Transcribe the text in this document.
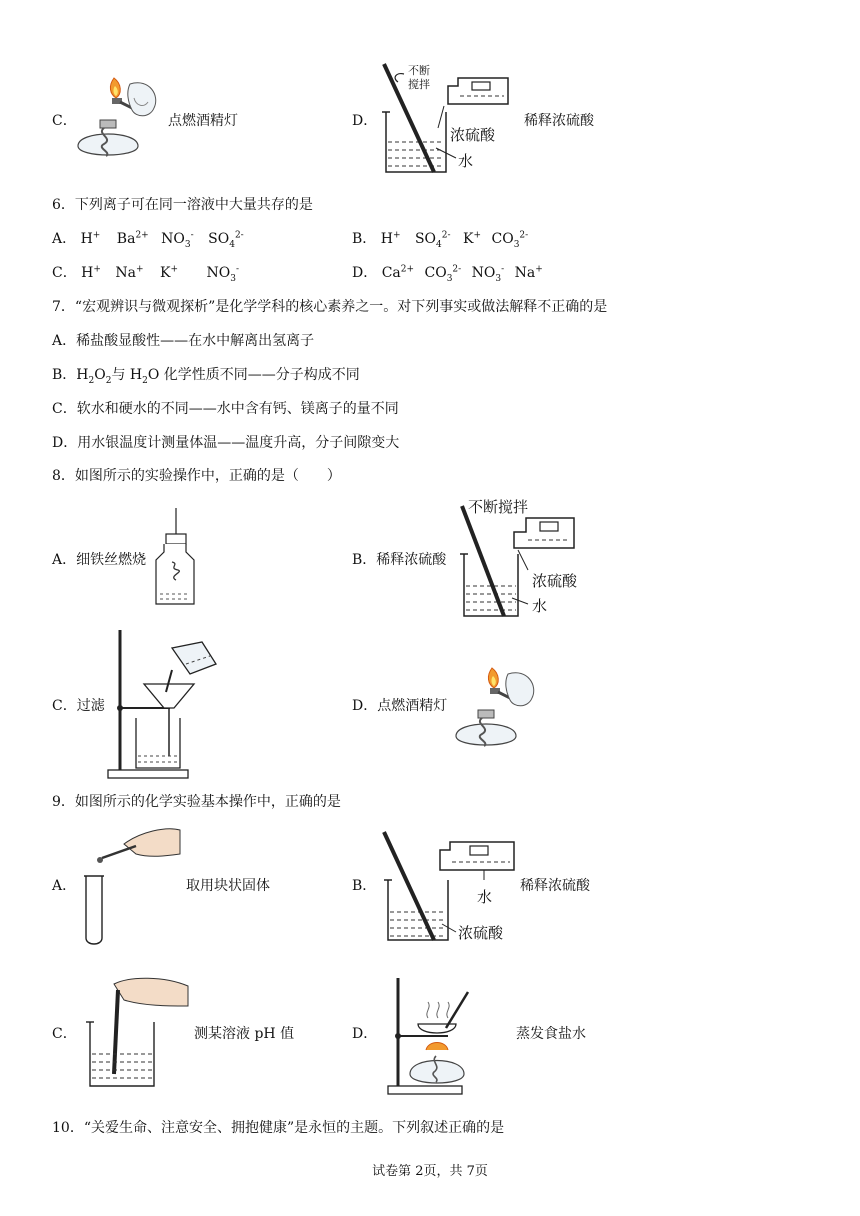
C．	点燃酒精灯	D．
不断
搅拌
浓硫酸
水
稀释浓硫酸
6．下列离子可在同一溶液中大量共存的是
A． H+ $Ba^{2+}$ $NO_3^-$ $SO_4^{2-}$	B． H+ $SO_4^{2-}$ K+ $CO_3^{2-}$
C． H+ Na+ K+ $NO_3^-$	D． $Ca^{2+}$ $CO_3^{2-}$ $NO_3^-$ Na+
7．“宏观辨识与微观探析”是化学学科的核心素养之一。对下列事实或做法解释不正确的是
A．稀盐酸显酸性——在水中解离出氢离子
B．$H_2O_2$与 $H_2O$ 化学性质不同——分子构成不同
C．软水和硬水的不同——水中含有钙、镁离子的量不同
D．用水银温度计测量体温——温度升高，分子间隙变大
8．如图所示的实验操作中，正确的是（　　）
A．细铁丝燃烧	B．稀释浓硫酸
不断搅拌
浓硫酸
水
C．过滤	D．点燃酒精灯
9．如图所示的化学实验基本操作中，正确的是
A．	取用块状固体	B．
水
浓硫酸
稀释浓硫酸
C．	测某溶液 pH 值	D．	蒸发食盐水
10．“关爱生命、注意安全、拥抱健康”是永恒的主题。下列叙述正确的是
试卷第 2页，共 7页
